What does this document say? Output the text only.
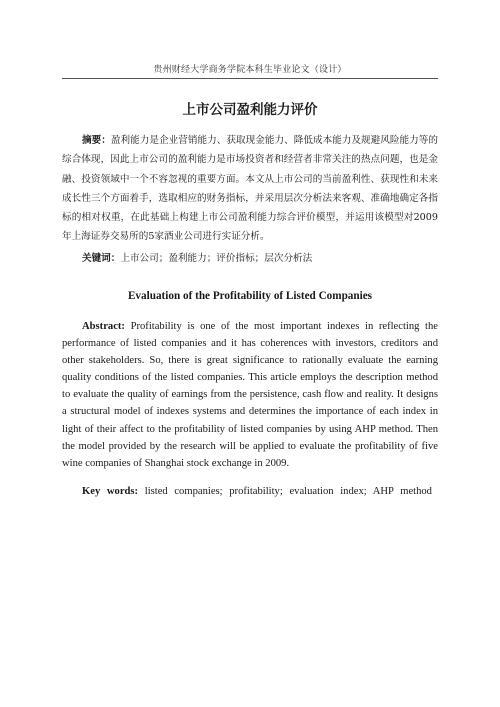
贵州财经大学商务学院本科生毕业论文（设计）
上市公司盈利能力评价
摘要：盈利能力是企业营销能力、获取现金能力、降低成本能力及规避风险能力等的综合体现，因此上市公司的盈利能力是市场投资者和经营者非常关注的热点问题，也是金融、投资领域中一个不容忽视的重要方面。本文从上市公司的当前盈利性、获现性和未来成长性三个方面着手，选取相应的财务指标，并采用层次分析法来客观、准确地确定各指标的相对权重，在此基础上构建上市公司盈利能力综合评价模型，并运用该模型对2009年上海证券交易所的5家酒业公司进行实证分析。
关键词：上市公司；盈利能力；评价指标；层次分析法
Evaluation of the Profitability of Listed Companies
Abstract: Profitability is one of the most important indexes in reflecting the performance of listed companies and it has coherences with investors, creditors and other stakeholders. So, there is great significance to rationally evaluate the earning quality conditions of the listed companies. This article employs the description method to evaluate the quality of earnings from the persistence, cash flow and reality. It designs a structural model of indexes systems and determines the importance of each index in light of their affect to the profitability of listed companies by using AHP method. Then the model provided by the research will be applied to evaluate the profitability of five wine companies of Shanghai stock exchange in 2009.
Key words: listed companies; profitability; evaluation index; AHP method
